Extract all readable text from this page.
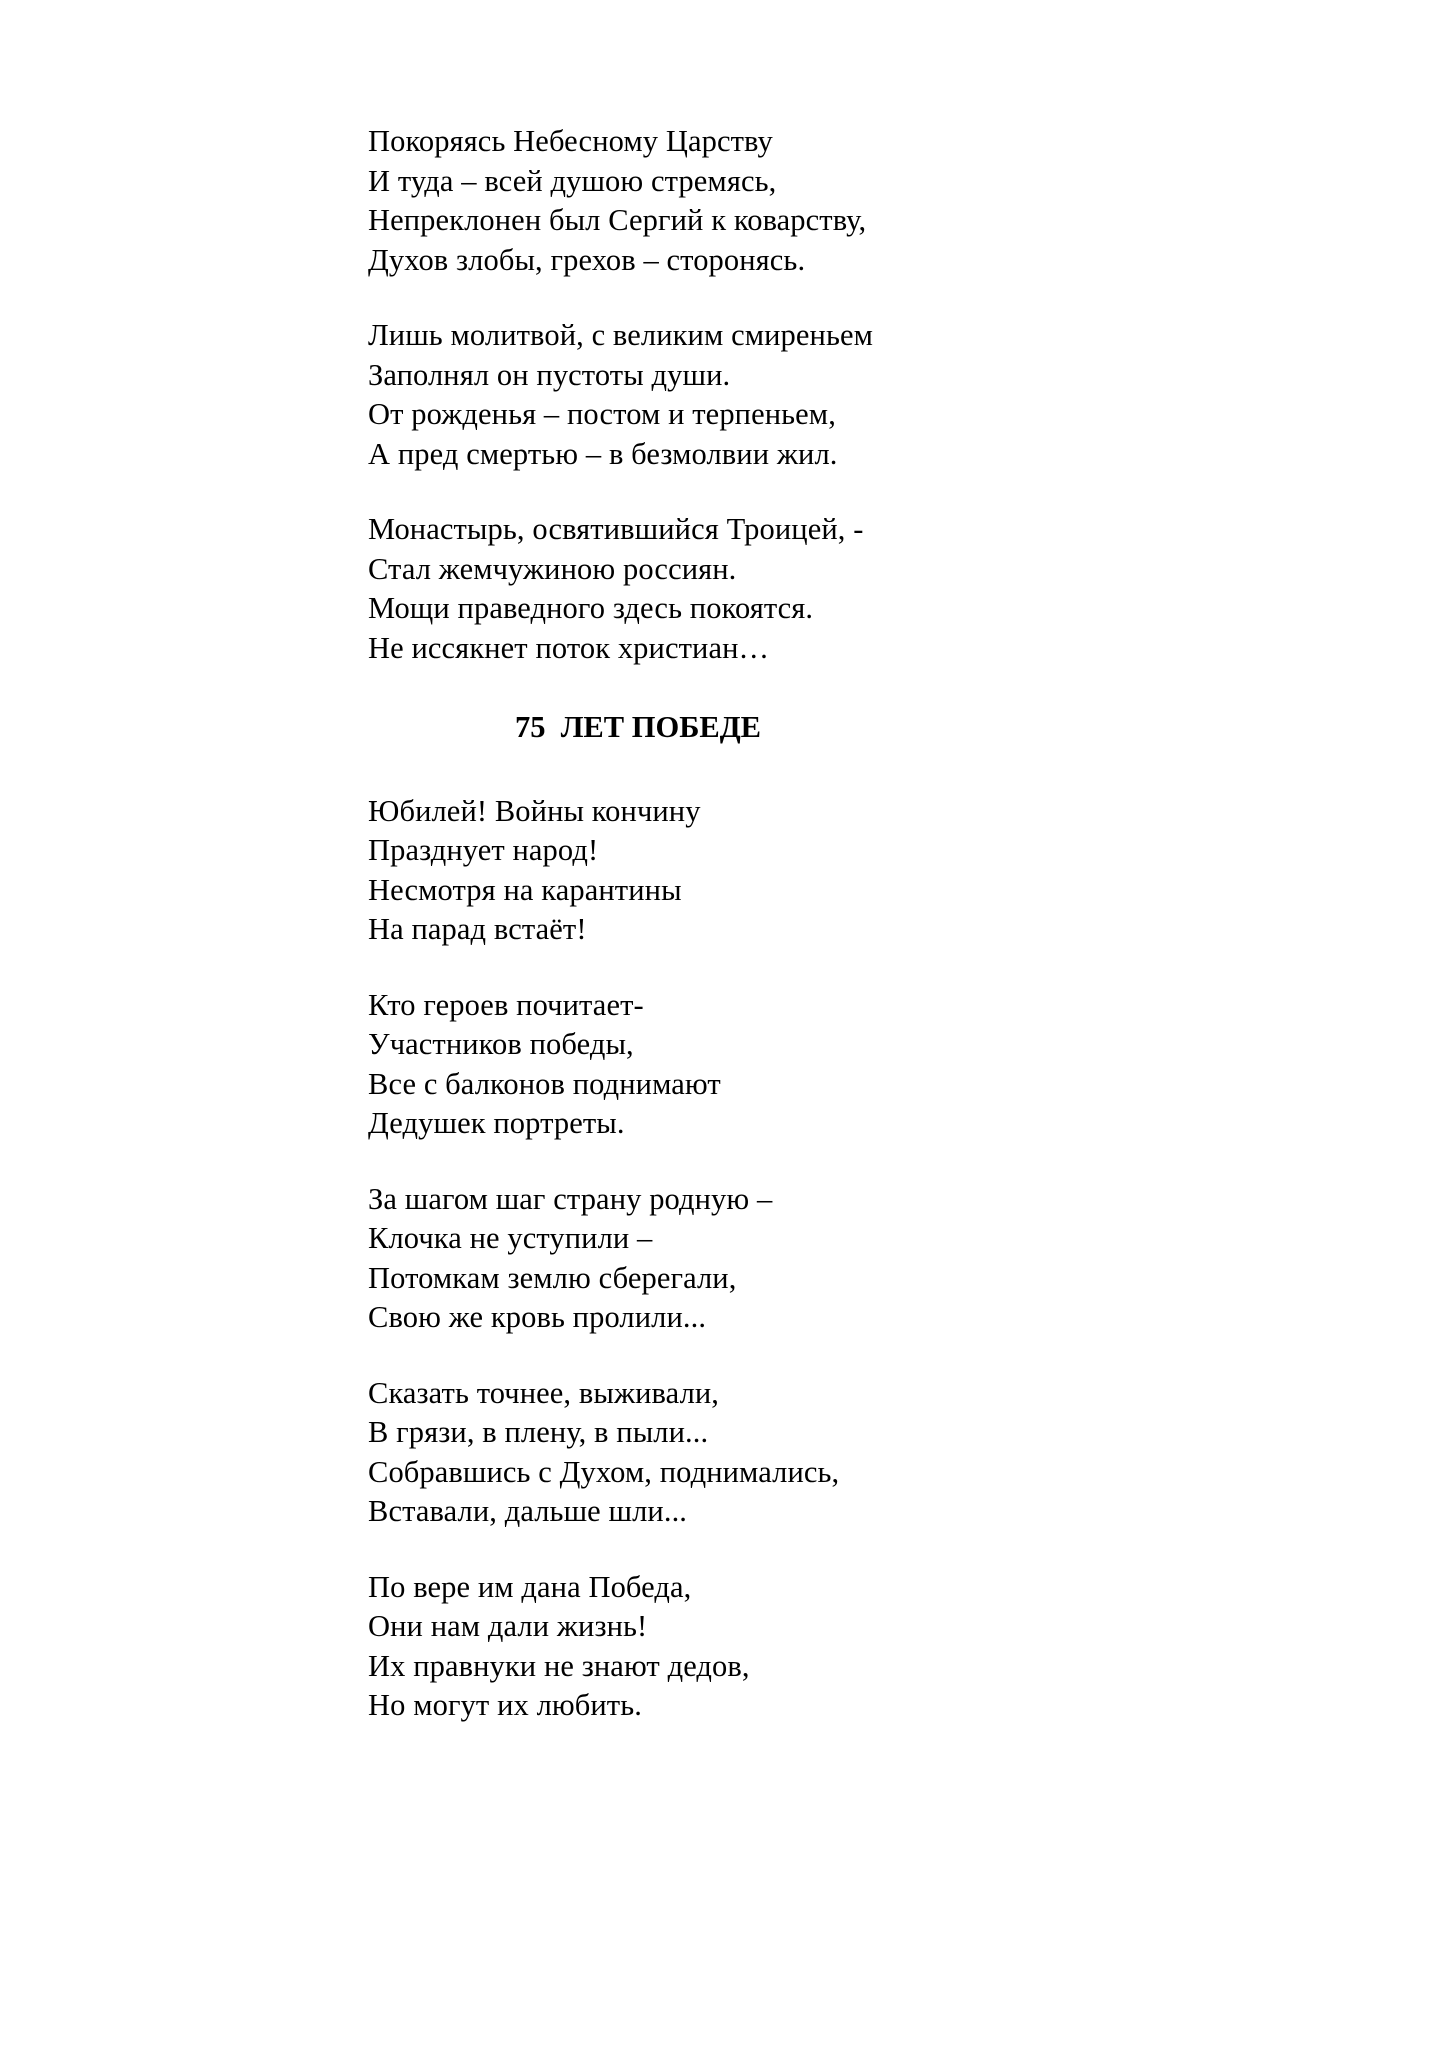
Покоряясь Небесному Царству
И туда – всей душою стремясь,
Непреклонен был Сергий к коварству,
Духов злобы, грехов – сторонясь.
Лишь молитвой, с великим смиреньем
Заполнял он пустоты души.
От рожденья – постом и терпеньем,
А пред смертью – в безмолвии жил.
Монастырь, освятившийся Троицей, -
Стал жемчужиною россиян.
Мощи праведного здесь покоятся.
Не иссякнет поток христиан…
75  ЛЕТ ПОБЕДЕ
Юбилей! Войны кончину
Празднует народ!
Несмотря на карантины
На парад встаёт!
Кто героев почитает-
Участников победы,
Все с балконов поднимают
Дедушек портреты.
За шагом шаг страну родную –
Клочка не уступили –
Потомкам землю сберегали,
Свою же кровь пролили...
Сказать точнее, выживали,
В грязи, в плену, в пыли...
Собравшись с Духом, поднимались,
Вставали, дальше шли...
По вере им дана Победа,
Они нам дали жизнь!
Их правнуки не знают дедов,
Но могут их любить.
